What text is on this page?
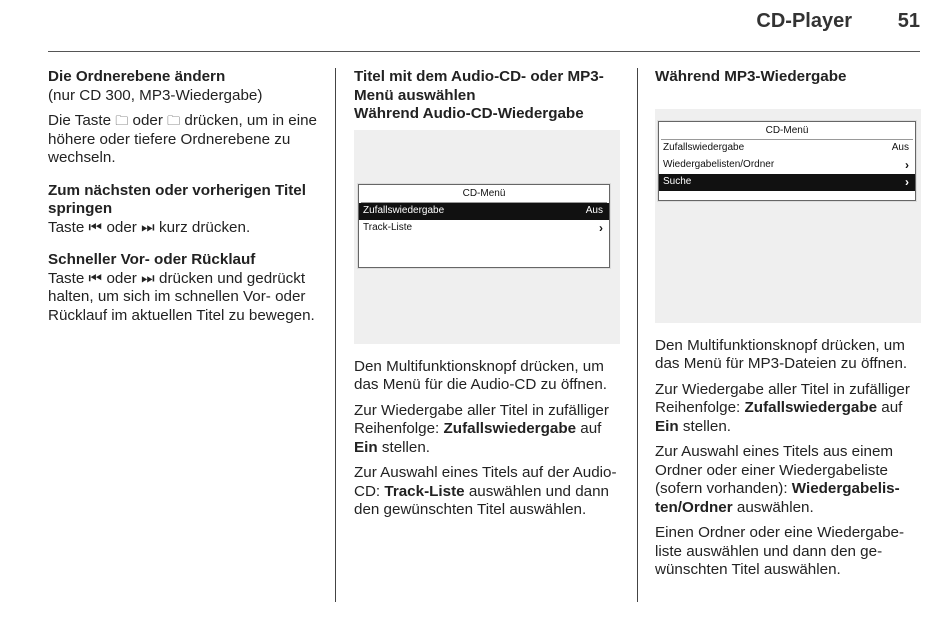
CD-Player 51
Die Ordnerebene ändern

(nur CD 300, MP3-Wiedergabe)

Die Taste 🗀︎ oder 🗀︎ drücken, um in eine höhere oder tiefere Ordnerebene zu wechseln.

Zum nächsten oder vorherigen Titel springen
Taste ⏮︎ oder ⏭︎ kurz drücken.
Schneller Vor- oder Rücklauf
Taste ⏮︎ oder ⏭︎ drücken und gedrückt halten, um sich im schnellen Vor- oder Rücklauf im aktuellen Titel zu bewegen.
Titel mit dem Audio-CD- oder MP3-Menü auswählen
Während Audio-CD-Wiedergabe
CD-Menü
Zufallswiedergabe	Aus
Track-Liste	›

Den Multifunktionsknopf drücken, um das Menü für die Audio-CD zu öffnen.

Zur Wiedergabe aller Titel in zufälliger Reihenfolge: Zufallswiedergabe auf Ein stellen.

Zur Auswahl eines Titels auf der Audio-CD: Track-Liste auswählen und dann den gewünschten Titel auswählen.

Während MP3-Wiedergabe
CD-Menü
Zufallswiedergabe	Aus
Wiedergabelisten/Ordner	›
Suche	›

Den Multifunktionsknopf drücken, um das Menü für MP3-Dateien zu öffnen.

Zur Wiedergabe aller Titel in zufälliger Reihenfolge: Zufallswiedergabe auf Ein stellen.

Zur Auswahl eines Titels aus einem Ordner oder einer Wiedergabeliste (sofern vorhanden): Wiedergabelisten/Ordner auswählen.

Einen Ordner oder eine Wiedergabeliste auswählen und dann den gewünschten Titel auswählen.
